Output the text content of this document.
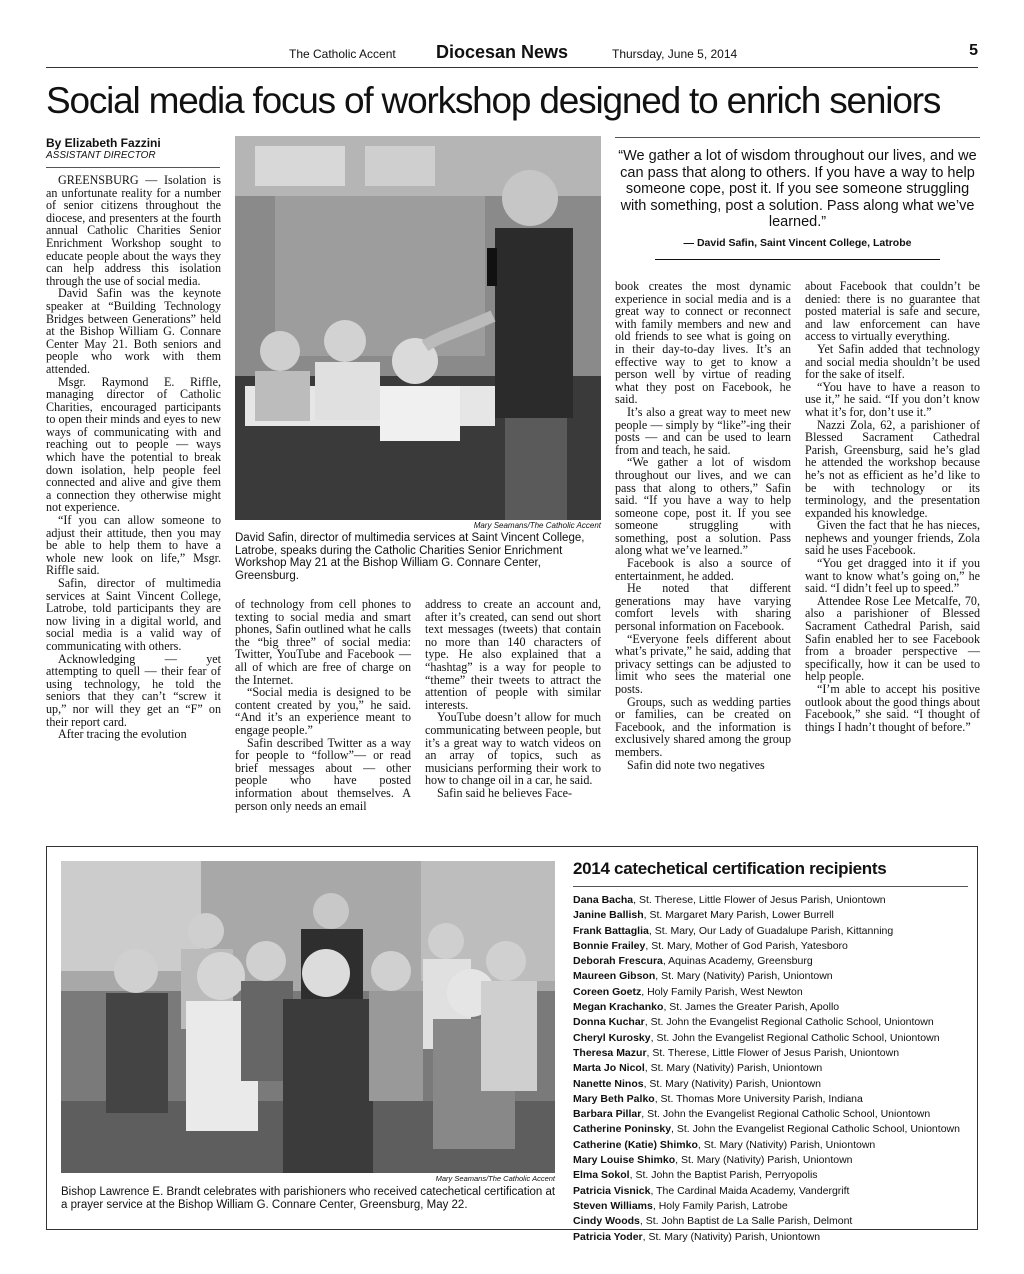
The Catholic Accent Diocesan News	Thursday, June 5, 2014	5
Social media focus of workshop designed to enrich seniors
By Elizabeth Fazzini
ASSISTANT DIRECTOR

GREENSBURG — Isolation is an unfortunate reality for a number of senior citizens throughout the diocese, and presenters at the fourth annual Catholic Charities Senior Enrichment Workshop sought to educate people about the ways they can help address this isolation through the use of social media.

David Safin was the keynote speaker at “Building Technology Bridges between Generations” held at the Bishop William G. Connare Center May 21. Both seniors and people who work with them attended.

Msgr. Raymond E. Riffle, managing director of Catholic Charities, encouraged participants to open their minds and eyes to new ways of communicating with and reaching out to people — ways which have the potential to break down isolation, help people feel connected and alive and give them a connection they otherwise might not experience.

“If you can allow someone to adjust their attitude, then you may be able to help them to have a whole new look on life,” Msgr. Riffle said.

Safin, director of multimedia services at Saint Vincent College, Latrobe, told participants they are now living in a digital world, and social media is a valid way of communicating with others.

Acknowledging — yet attempting to quell — their fear of using technology, he told the seniors that they can’t “screw it up,” nor will they get an “F” on their report card.

After tracing the evolution

Mary Seamans/The Catholic Accent
David Safin, director of multimedia services at Saint Vincent College, Latrobe, speaks during the Catholic Charities Senior Enrichment Workshop May 21 at the Bishop William G. Connare Center, Greensburg.

of technology from cell phones to texting to social media and smart phones, Safin outlined what he calls the “big three” of social media: Twitter, YouTube and Facebook — all of which are free of charge on the Internet.

“Social media is designed to be content created by you,” he said. “And it’s an experience meant to engage people.”

Safin described Twitter as a way for people to “follow”— or read brief messages about — other people who have posted information about themselves. A person only needs an email

address to create an account and, after it’s created, can send out short text messages (tweets) that contain no more than 140 characters of type. He also explained that a “hashtag” is a way for people to “theme” their tweets to attract the attention of people with similar interests.

YouTube doesn’t allow for much communicating between people, but it’s a great way to watch videos on an array of topics, such as musicians performing their work to how to change oil in a car, he said.

Safin said he believes Face-

“We gather a lot of wisdom throughout our lives, and we can pass that along to others. If you have a way to help someone cope, post it. If you see someone struggling with something, post a solution. Pass along what we’ve learned.”
— David Safin, Saint Vincent College, Latrobe

book creates the most dynamic experience in social media and is a great way to connect or reconnect with family members and new and old friends to see what is going on in their day-to-day lives. It’s an effective way to get to know a person well by virtue of reading what they post on Facebook, he said.

It’s also a great way to meet new people — simply by “like”-ing their posts — and can be used to learn from and teach, he said.

“We gather a lot of wisdom throughout our lives, and we can pass that along to others,” Safin said. “If you have a way to help someone cope, post it. If you see someone struggling with something, post a solution. Pass along what we’ve learned.”

Facebook is also a source of entertainment, he added.

He noted that different generations may have varying comfort levels with sharing personal information on Facebook.

“Everyone feels different about what’s private,” he said, adding that privacy settings can be adjusted to limit who sees the material one posts.

Groups, such as wedding parties or families, can be created on Facebook, and the information is exclusively shared among the group members.

Safin did note two negatives

about Facebook that couldn’t be denied: there is no guarantee that posted material is safe and secure, and law enforcement can have access to virtually everything.

Yet Safin added that technology and social media shouldn’t be used for the sake of itself.

“You have to have a reason to use it,” he said. “If you don’t know what it’s for, don’t use it.”

Nazzi Zola, 62, a parishioner of Blessed Sacrament Cathedral Parish, Greensburg, said he’s glad he attended the workshop because he’s not as efficient as he’d like to be with technology or its terminology, and the presentation expanded his knowledge.

Given the fact that he has nieces, nephews and younger friends, Zola said he uses Facebook.

“You get dragged into it if you want to know what’s going on,” he said. “I didn’t feel up to speed.”

Attendee Rose Lee Metcalfe, 70, also a parishioner of Blessed Sacrament Cathedral Parish, said Safin enabled her to see Facebook from a broader perspective — specifically, how it can be used to help people.

“I’m able to accept his positive outlook about the good things about Facebook,” she said. “I thought of things I hadn’t thought of before.”

Mary Seamans/The Catholic Accent
Bishop Lawrence E. Brandt celebrates with parishioners who received catechetical certification at a prayer service at the Bishop William G. Connare Center, Greensburg, May 22.
2014 catechetical certification recipients
Dana Bacha, St. Therese, Little Flower of Jesus Parish, Uniontown
Janine Ballish, St. Margaret Mary Parish, Lower Burrell
Frank Battaglia, St. Mary, Our Lady of Guadalupe Parish, Kittanning
Bonnie Frailey, St. Mary, Mother of God Parish, Yatesboro
Deborah Frescura, Aquinas Academy, Greensburg
Maureen Gibson, St. Mary (Nativity) Parish, Uniontown
Coreen Goetz, Holy Family Parish, West Newton
Megan Krachanko, St. James the Greater Parish, Apollo
Donna Kuchar, St. John the Evangelist Regional Catholic School, Uniontown
Cheryl Kurosky, St. John the Evangelist Regional Catholic School, Uniontown
Theresa Mazur, St. Therese, Little Flower of Jesus Parish, Uniontown
Marta Jo Nicol, St. Mary (Nativity) Parish, Uniontown
Nanette Ninos, St. Mary (Nativity) Parish, Uniontown
Mary Beth Palko, St. Thomas More University Parish, Indiana
Barbara Pillar, St. John the Evangelist Regional Catholic School, Uniontown
Catherine Poninsky, St. John the Evangelist Regional Catholic School, Uniontown
Catherine (Katie) Shimko, St. Mary (Nativity) Parish, Uniontown
Mary Louise Shimko, St. Mary (Nativity) Parish, Uniontown
Elma Sokol, St. John the Baptist Parish, Perryopolis
Patricia Visnick, The Cardinal Maida Academy, Vandergrift
Steven Williams, Holy Family Parish, Latrobe
Cindy Woods, St. John Baptist de La Salle Parish, Delmont
Patricia Yoder, St. Mary (Nativity) Parish, Uniontown
